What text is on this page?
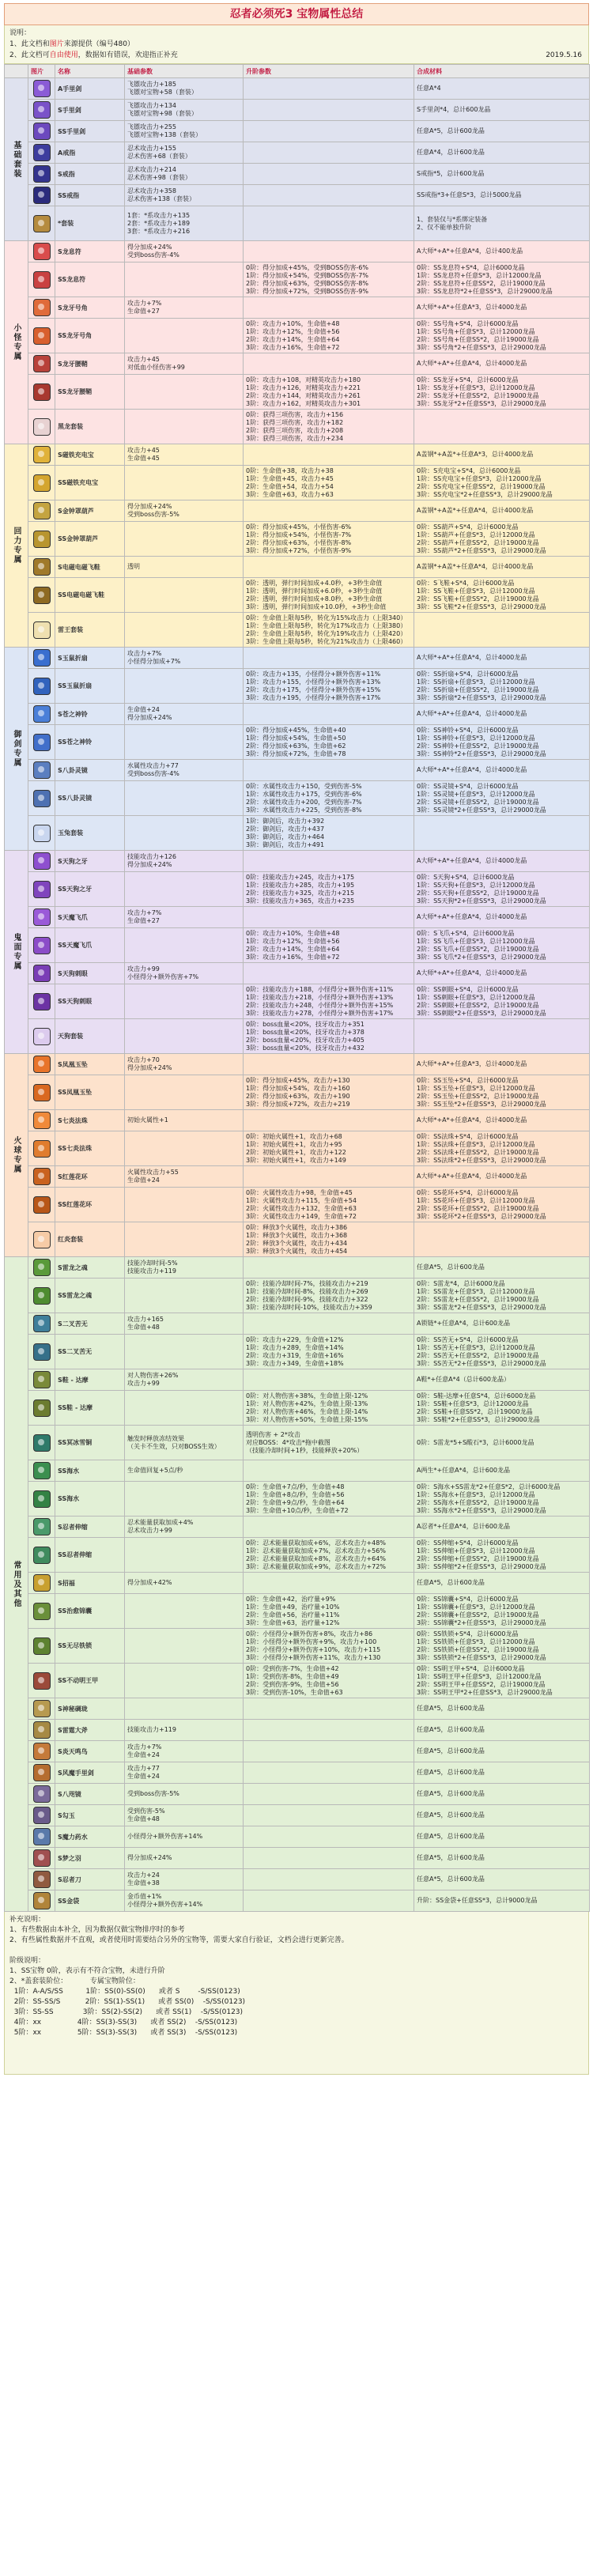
忍者必须死3 宝物属性总结
说明：
1、此文档和图片来源提供（编号480）
2、此文档可自由使用，数据如有错误，欢迎指正补充	2019.5.16
	图片	名称	基础参数	升阶参数	合成材料
基础套装		A手里剑	飞镖攻击力+185
飞镖对宝物+58（套装）		任意A*4

		S手里剑	飞镖攻击力+134
飞镖对宝物+98（套装）		S手里剑*4，总计600龙晶

		SS手里剑	飞镖攻击力+255
飞镖对宝物+138（套装）		任意A*5，总计600龙晶

		A戒指	忍术攻击力+155
忍术伤害+68（套装）		任意A*4，总计600龙晶

		S戒指	忍术攻击力+214
忍术伤害+98（套装）		S戒指*5，总计600龙晶

		SS戒指	忍术攻击力+358
忍术伤害+138（套装）		SS戒指*3+任意S*3，总计5000龙晶

		*套装	1套：*系攻击力+135
2套：*系攻击力+189
3套：*系攻击力+216		1、套装仅与*系绑定装备
2、仅不能单独升阶
小怪专属		S龙息符	得分加成+24%
受到boss伤害-4%		A大师*+A*+任意A*4，总计400龙晶

		SS龙息符		0阶：得分加成+45%，受到BOSS伤害-6%
1阶：得分加成+54%，受到BOSS伤害-7%
2阶：得分加成+63%，受到BOSS伤害-8%
3阶：得分加成+72%，受到BOSS伤害-9%	0阶：SS龙息符+S*4，总计6000龙晶
1阶：SS龙息符+任意S*3，总计12000龙晶
2阶：SS龙息符+任意SS*2，总计19000龙晶
3阶：SS龙息符*2+任意SS*3，总计29000龙晶

		S龙牙号角	攻击力+7%
生命值+27		A大师*+A*+任意A*3，总计4000龙晶

		SS龙牙号角		0阶：攻击力+10%，生命值+48
1阶：攻击力+12%，生命值+56
2阶：攻击力+14%，生命值+64
3阶：攻击力+16%，生命值+72	0阶：SS号角+S*4，总计6000龙晶
1阶：SS号角+任意S*3，总计12000龙晶
2阶：SS号角+任意SS*2，总计19000龙晶
3阶：SS号角*2+任意SS*3，总计29000龙晶

		S龙牙腰鞘	攻击力+45
对低血小怪伤害+99		A大师*+A*+任意A*4，总计4000龙晶

		SS龙牙腰鞘		0阶：攻击力+108，对精英攻击力+180
1阶：攻击力+126，对精英攻击力+221
2阶：攻击力+144，对精英攻击力+261
3阶：攻击力+162，对精英攻击力+301	0阶：SS龙牙+S*4，总计6000龙晶
1阶：SS龙牙+任意S*3，总计12000龙晶
2阶：SS龙牙+任意SS*2，总计19000龙晶
3阶：SS龙牙*2+任意SS*3，总计29000龙晶

		黑龙套装		0阶：获得三项伤害，攻击力+156
1阶：获得三项伤害，攻击力+182
2阶：获得三项伤害，攻击力+208
3阶：获得三项伤害，攻击力+234	
回力专属		S磁铁充电宝	攻击力+45
生命值+45		A盖钢*+A盖*+任意A*3，总计4000龙晶

		SS磁铁充电宝		0阶：生命值+38，攻击力+38
1阶：生命值+45，攻击力+45
2阶：生命值+54，攻击力+54
3阶：生命值+63，攻击力+63	0阶：S充电宝+S*4，总计6000龙晶
1阶：SS充电宝+任意S*3，总计12000龙晶
2阶：SS充电宝+任意SS*2，总计19000龙晶
3阶：SS充电宝*2+任意SS*3，总计29000龙晶

		S金钟罩葫芦	得分加成+24%
受到boss伤害-5%		A盖钢*+A盖*+任意A*4，总计4000龙晶

		SS金钟罩葫芦		0阶：得分加成+45%，小怪伤害-6%
1阶：得分加成+54%，小怪伤害-7%
2阶：得分加成+63%，小怪伤害-8%
3阶：得分加成+72%，小怪伤害-9%	0阶：SS葫芦+S*4，总计6000龙晶
1阶：SS葫芦+任意S*3，总计12000龙晶
2阶：SS葫芦+任意SS*2，总计19000龙晶
3阶：SS葫芦*2+任意SS*3，总计29000龙晶

		S电磁电磁飞鞋	透明		A盖钢*+A盖*+任意A*4，总计4000龙晶

		SS电磁电磁飞鞋		0阶：透明，弹行时间加成+4.0秒，+3秒生命值
1阶：透明，弹行时间加成+6.0秒，+3秒生命值
2阶：透明，弹行时间加成+8.0秒，+3秒生命值
3阶：透明，弹行时间加成+10.0秒，+3秒生命值	0阶：S飞鞋+S*4，总计6000龙晶
1阶：SS飞鞋+任意S*3，总计12000龙晶
2阶：SS飞鞋+任意SS*2，总计19000龙晶
3阶：SS飞鞋*2+任意SS*3，总计29000龙晶

		雷王套装		0阶：生命值上限每5秒，转化为15%攻击力（上限340）
1阶：生命值上限每5秒，转化为17%攻击力（上限380）
2阶：生命值上限每5秒，转化为19%攻击力（上限420）
3阶：生命值上限每5秒，转化为21%攻击力（上限460）	
御剑专属		S玉鼠折扇	攻击力+7%
小怪得分加成+7%		A大师*+A*+任意A*4，总计4000龙晶

		SS玉鼠折扇		0阶：攻击力+135，小怪得分+额外伤害+11%
1阶：攻击力+155，小怪得分+额外伤害+13%
2阶：攻击力+175，小怪得分+额外伤害+15%
3阶：攻击力+195，小怪得分+额外伤害+17%	0阶：SS折扇+S*4，总计6000龙晶
1阶：SS折扇+任意S*3，总计12000龙晶
2阶：SS折扇+任意SS*2，总计19000龙晶
3阶：SS折扇*2+任意SS*3，总计29000龙晶

		S苍之神铃	生命值+24
得分加成+24%		A大师*+A*+任意A*4，总计4000龙晶

		SS苍之神铃		0阶：得分加成+45%，生命值+40
1阶：得分加成+54%，生命值+50
2阶：得分加成+63%，生命值+62
3阶：得分加成+72%，生命值+78	0阶：SS神铃+S*4，总计6000龙晶
1阶：SS神铃+任意S*3，总计12000龙晶
2阶：SS神铃+任意SS*2，总计19000龙晶
3阶：SS神铃*2+任意SS*3，总计29000龙晶

		S八卦灵镜	水属性攻击力+77
受到boss伤害-4%		A大师*+A*+任意A*4，总计4000龙晶

		SS八卦灵镜		0阶：水属性攻击力+150，受到伤害-5%
1阶：水属性攻击力+175，受到伤害-6%
2阶：水属性攻击力+200，受到伤害-7%
3阶：水属性攻击力+225，受到伤害-8%	0阶：SS灵镜+S*4，总计6000龙晶
1阶：SS灵镜+任意S*3，总计12000龙晶
2阶：SS灵镜+任意SS*2，总计19000龙晶
3阶：SS灵镜*2+任意SS*3，总计29000龙晶

		玉兔套装		1阶：御剑后，攻击力+392
2阶：御剑后，攻击力+437
3阶：御剑后，攻击力+464
3阶：御剑后，攻击力+491	
鬼面专属		S天狗之牙	技能攻击力+126
得分加成+24%		A大师*+A*+任意A*4，总计4000龙晶

		SS天狗之牙		0阶：技能攻击力+245，攻击力+175
1阶：技能攻击力+285，攻击力+195
2阶：技能攻击力+325，攻击力+215
3阶：技能攻击力+365，攻击力+235	0阶：S天狗+S*4，总计6000龙晶
1阶：SS天狗+任意S*3，总计12000龙晶
2阶：SS天狗+任意SS*2，总计19000龙晶
3阶：SS天狗*2+任意SS*3，总计29000龙晶

		S天魔飞爪	攻击力+7%
生命值+27		A大师*+A*+任意A*4，总计4000龙晶

		SS天魔飞爪		0阶：攻击力+10%，生命值+48
1阶：攻击力+12%，生命值+56
2阶：攻击力+14%，生命值+64
3阶：攻击力+16%，生命值+72	0阶：S飞爪+S*4，总计6000龙晶
1阶：SS飞爪+任意S*3，总计12000龙晶
2阶：SS飞爪+任意SS*2，总计19000龙晶
3阶：SS飞爪*2+任意SS*3，总计29000龙晶

		S天狗刺眼	攻击力+99
小怪得分+额外伤害+7%		A大师*+A*+任意A*4，总计4000龙晶

		SS天狗刺眼		0阶：技能攻击力+188，小怪得分+额外伤害+11%
1阶：技能攻击力+218，小怪得分+额外伤害+13%
2阶：技能攻击力+248，小怪得分+额外伤害+15%
3阶：技能攻击力+278，小怪得分+额外伤害+17%	0阶：SS刺眼+S*4，总计6000龙晶
1阶：SS刺眼+任意S*3，总计12000龙晶
2阶：SS刺眼+任意SS*2，总计19000龙晶
3阶：SS刺眼*2+任意SS*3，总计29000龙晶

		天狗套装		0阶：boss血量<20%，技牙攻击力+351
1阶：boss血量<20%，技牙攻击力+378
2阶：boss血量<20%，技牙攻击力+405
3阶：boss血量<20%，技牙攻击力+432	
火球专属		S凤凰玉坠	攻击力+70
得分加成+24%		A大师*+A*+任意A*3，总计4000龙晶

		SS凤凰玉坠		0阶：得分加成+45%，攻击力+130
1阶：得分加成+54%，攻击力+160
2阶：得分加成+63%，攻击力+190
3阶：得分加成+72%，攻击力+219	0阶：SS玉坠+S*4，总计6000龙晶
1阶：SS玉坠+任意S*3，总计12000龙晶
2阶：SS玉坠+任意SS*2，总计19000龙晶
3阶：SS玉坠*2+任意SS*3，总计29000龙晶

		S七炎法珠	初始火属性+1		A大师*+A*+任意A*4，总计4000龙晶

		SS七炎法珠		0阶：初始火属性+1，攻击力+68
1阶：初始火属性+1，攻击力+95
2阶：初始火属性+1，攻击力+122
3阶：初始火属性+1，攻击力+149	0阶：SS法珠+S*4，总计6000龙晶
1阶：SS法珠+任意S*3，总计12000龙晶
2阶：SS法珠+任意SS*2，总计19000龙晶
3阶：SS法珠*2+任意SS*3，总计29000龙晶

		S红莲花环	火属性攻击力+55
生命值+24		A大师*+A*+任意A*4，总计4000龙晶

		SS红莲花环		0阶：火属性攻击力+98，生命值+45
1阶：火属性攻击力+115，生命值+54
2阶：火属性攻击力+132，生命值+63
3阶：火属性攻击力+149，生命值+72	0阶：SS花环+S*4，总计6000龙晶
1阶：SS花环+任意S*3，总计12000龙晶
2阶：SS花环+任意SS*2，总计19000龙晶
3阶：SS花环*2+任意SS*3，总计29000龙晶

		红炎套装		0阶：释放3个火属性，攻击力+386
1阶：释放3个火属性，攻击力+368
2阶：释放3个火属性，攻击力+434
3阶：释放3个火属性，攻击力+454	
常用及其他		S雷龙之魂	技能冷却时间-5%
技能攻击力+119		任意A*5，总计600龙晶

		SS雷龙之魂		0阶：技能冷却时间-7%，技能攻击力+219
1阶：技能冷却时间-8%，技能攻击力+269
2阶：技能冷却时间-9%，技能攻击力+322
3阶：技能冷却时间-10%，技能攻击力+359	0阶：S雷龙*4，总计6000龙晶
1阶：SS雷龙+任意S*3，总计12000龙晶
2阶：SS雷龙+任意SS*2，总计19000龙晶
3阶：SS雷龙*2+任意SS*3，总计29000龙晶

		S二叉苦无	攻击力+165
生命值+48		A锁链*+任意A*4，总计600龙晶

		SS二叉苦无		0阶：攻击力+229，生命值+12%
1阶：攻击力+289，生命值+14%
2阶：攻击力+319，生命值+16%
3阶：攻击力+349，生命值+18%	0阶：SS苦无+S*4，总计6000龙晶
1阶：SS苦无+任意S*3，总计12000龙晶
2阶：SS苦无+任意SS*2，总计19000龙晶
3阶：SS苦无*2+任意SS*3，总计29000龙晶

		S鞋 - 达摩	对人物伤害+26%
攻击力+99		A鞋*+任意A*4（总计600龙晶）

		SS鞋 - 达摩		0阶：对人物伤害+38%，生命值上限-12%
1阶：对人物伤害+42%，生命值上限-13%
2阶：对人物伤害+46%，生命值上限-14%
3阶：对人物伤害+50%，生命值上限-15%	0阶：S鞋-达摩+任意S*4，总计6000龙晶
1阶：SS鞋+任意S*3，总计12000龙晶
2阶：SS鞋+任意SS*2，总计19000龙晶
3阶：SS鞋*2+任意SS*3，总计29000龙晶

		SS冥冰雪铜	触发时释放冻结效果
（关卡不生效，只对BOSS生效）	透明伤害 + 2*攻击
对应BOSS：4*攻击*拖中截图
（技能冷却时间+1秒，技能释放+20%）	0阶：S雷龙*5+S酸石*3，总计6000龙晶

		SS海水	生命值回复+5点/秒		A两生*+任意A*4，总计600龙晶

		SS海水		0阶：生命值+7点/秒，生命值+48
1阶：生命值+8点/秒，生命值+56
2阶：生命值+9点/秒，生命值+64
3阶：生命值+10点/秒，生命值+72	0阶：S海水+SS雷龙*2+任意S*2，总计6000龙晶
1阶：SS海水+任意S*3，总计12000龙晶
2阶：SS海水+任意SS*2，总计19000龙晶
3阶：SS海水*2+任意SS*3，总计29000龙晶

		S忍者伸缩	忍术能量获取加成+4%
忍术攻击力+99		A忍者*+任意A*4，总计600龙晶

		SS忍者伸缩		0阶：忍术能量获取加成+6%，忍术攻击力+48%
1阶：忍术能量获取加成+7%，忍术攻击力+56%
2阶：忍术能量获取加成+8%，忍术攻击力+64%
3阶：忍术能量获取加成+9%，忍术攻击力+72%	0阶：SS伸缩+S*4，总计6000龙晶
1阶：SS伸缩+任意S*3，总计12000龙晶
2阶：SS伸缩+任意SS*2，总计19000龙晶
3阶：SS伸缩*2+任意SS*3，总计29000龙晶

		S招福	得分加成+42%		任意A*5，总计600龙晶

		SS治愈锦囊		0阶：生命值+42，治疗量+9%
1阶：生命值+49，治疗量+10%
2阶：生命值+56，治疗量+11%
3阶：生命值+63，治疗量+12%	0阶：SS锦囊+S*4，总计6000龙晶
1阶：SS锦囊+任意S*3，总计12000龙晶
2阶：SS锦囊+任意SS*2，总计19000龙晶
3阶：SS锦囊*2+任意SS*3，总计29000龙晶

		SS无尽铁锁		0阶：小怪得分+额外伤害+8%，攻击力+86
1阶：小怪得分+额外伤害+9%，攻击力+100
2阶：小怪得分+额外伤害+10%，攻击力+115
3阶：小怪得分+额外伤害+11%，攻击力+130	0阶：SS铁锁+S*4，总计6000龙晶
1阶：SS铁锁+任意S*3，总计12000龙晶
2阶：SS铁锁+任意SS*2，总计19000龙晶
3阶：SS铁锁*2+任意SS*3，总计29000龙晶

		SS不动明王甲		0阶：受到伤害-7%，生命值+42
1阶：受到伤害-8%，生命值+49
2阶：受到伤害-9%，生命值+56
3阶：受到伤害-10%，生命值+63	0阶：SS明王甲+S*4，总计6000龙晶
1阶：SS明王甲+任意S*3，总计12000龙晶
2阶：SS明王甲+任意SS*2，总计19000龙晶
3阶：SS明王甲*2+任意SS*3，总计29000龙晶

		S神秘碉珑			任意A*5，总计600龙晶

		S雷霆大斧	技能攻击力+119		任意A*5，总计600龙晶

		S炎天鸣鸟	攻击力+7%
生命值+24		任意A*5，总计600龙晶

		S风魔手里剑	攻击力+77
生命值+24		任意A*5，总计600龙晶

		S八咫镜	受到boss伤害-5%		任意A*5，总计600龙晶

		S勾玉	受到伤害-5%
生命值+48		任意A*5，总计600龙晶

		S魔力药水	小怪得分+额外伤害+14%		任意A*5，总计600龙晶

		S梦之羽	得分加成+24%		任意A*5，总计600龙晶

		S忍者刀	攻击力+24
生命值+38		任意A*5，总计600龙晶

		SS金袋	金币值+1%
小怪得分+额外伤害+14%		升阶：SS金袋+任意SS*3，总计9000龙晶
补充说明：
1、有些数据由本补全，因为数据仅做宝物排序时的参考
2、有些属性数据并不直观，或者使用时需要结合另外的宝物等，需要大家自行验证，文档会进行更新完善。

阶级说明：
1、SS宝物 0阶，表示有不符合宝物，未进行升阶
2、*盖套装阶位：          专属宝物阶位：
1阶：A-A/S/SS          1阶：SS(0)-SS(0)      或者 S        -S/SS(0123)
2阶：SS-SS/S           2阶：SS(1)-SS(1)      或者 SS(0)    -S/SS(0123)
3阶：SS-SS             3阶：SS(2)-SS(2)      或者 SS(1)    -S/SS(0123)
4阶：xx                4阶：SS(3)-SS(3)      或者 SS(2)    -S/SS(0123)
5阶：xx                5阶：SS(3)-SS(3)      或者 SS(3)    -S/SS(0123)
